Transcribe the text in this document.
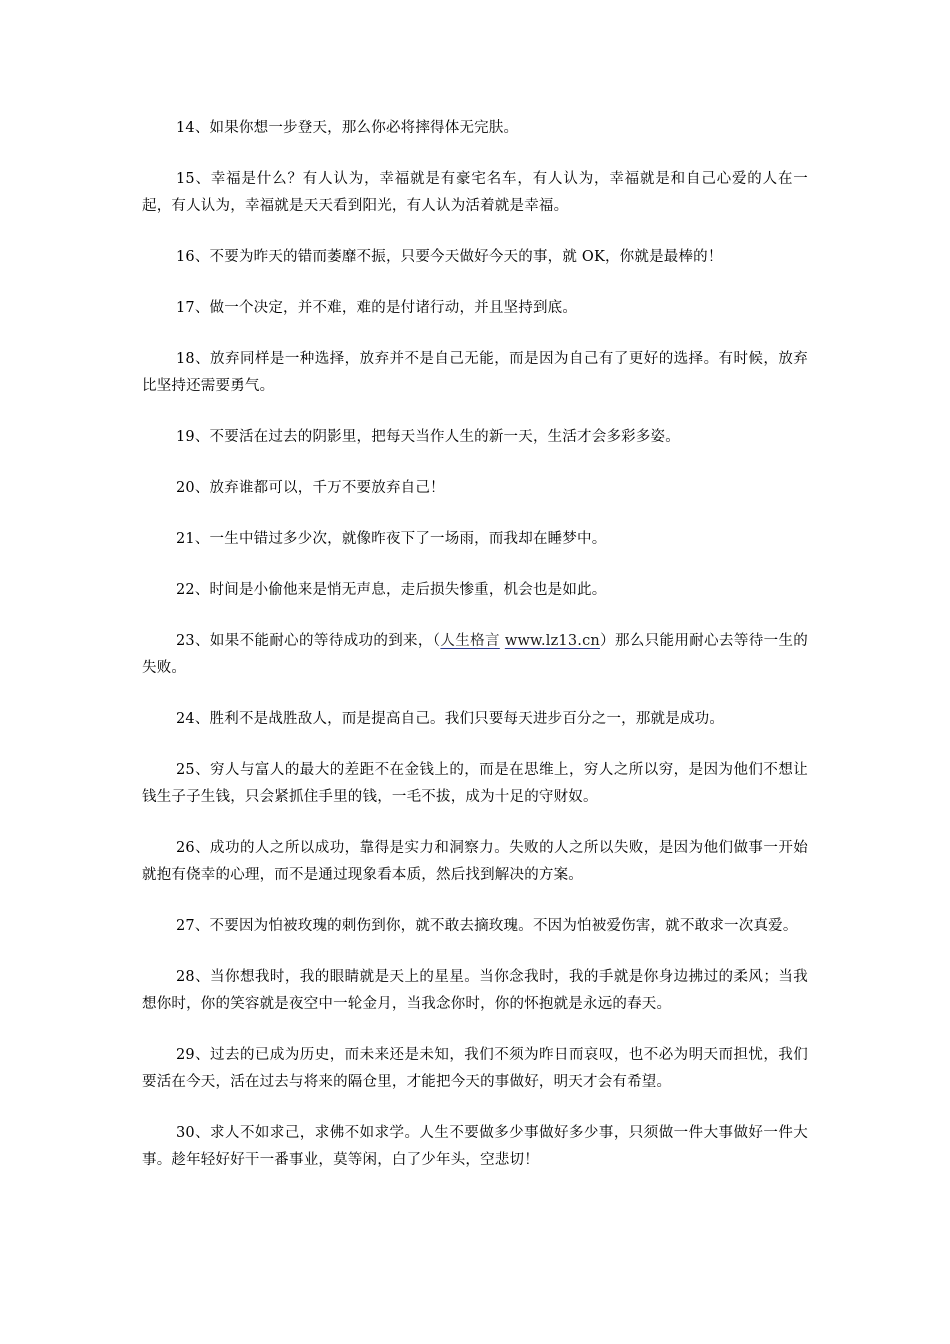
14、如果你想一步登天，那么你必将摔得体无完肤。

15、幸福是什么？有人认为，幸福就是有豪宅名车，有人认为，幸福就是和自己心爱的人在一起，有人认为，幸福就是天天看到阳光，有人认为活着就是幸福。

16、不要为昨天的错而萎靡不振，只要今天做好今天的事，就 OK，你就是最棒的！

17、做一个决定，并不难，难的是付诸行动，并且坚持到底。

18、放弃同样是一种选择，放弃并不是自己无能，而是因为自己有了更好的选择。有时候，放弃比坚持还需要勇气。

19、不要活在过去的阴影里，把每天当作人生的新一天，生活才会多彩多姿。

20、放弃谁都可以，千万不要放弃自己！

21、一生中错过多少次，就像昨夜下了一场雨，而我却在睡梦中。

22、时间是小偷他来是悄无声息，走后损失惨重，机会也是如此。

23、如果不能耐心的等待成功的到来，（人生格言 www.lz13.cn）那么只能用耐心去等待一生的失败。

24、胜利不是战胜敌人，而是提高自己。我们只要每天进步百分之一，那就是成功。

25、穷人与富人的最大的差距不在金钱上的，而是在思维上，穷人之所以穷，是因为他们不想让钱生子子生钱，只会紧抓住手里的钱，一毛不拔，成为十足的守财奴。

26、成功的人之所以成功，靠得是实力和洞察力。失败的人之所以失败，是因为他们做事一开始就抱有侥幸的心理，而不是通过现象看本质，然后找到解决的方案。

27、不要因为怕被玫瑰的刺伤到你，就不敢去摘玫瑰。不因为怕被爱伤害，就不敢求一次真爱。

28、当你想我时，我的眼睛就是天上的星星。当你念我时，我的手就是你身边拂过的柔风；当我想你时，你的笑容就是夜空中一轮金月，当我念你时，你的怀抱就是永远的春天。

29、过去的已成为历史，而未来还是未知，我们不须为昨日而哀叹，也不必为明天而担忧，我们要活在今天，活在过去与将来的隔仓里，才能把今天的事做好，明天才会有希望。

30、求人不如求己，求佛不如求学。人生不要做多少事做好多少事，只须做一件大事做好一件大事。趁年轻好好干一番事业，莫等闲，白了少年头，空悲切！
